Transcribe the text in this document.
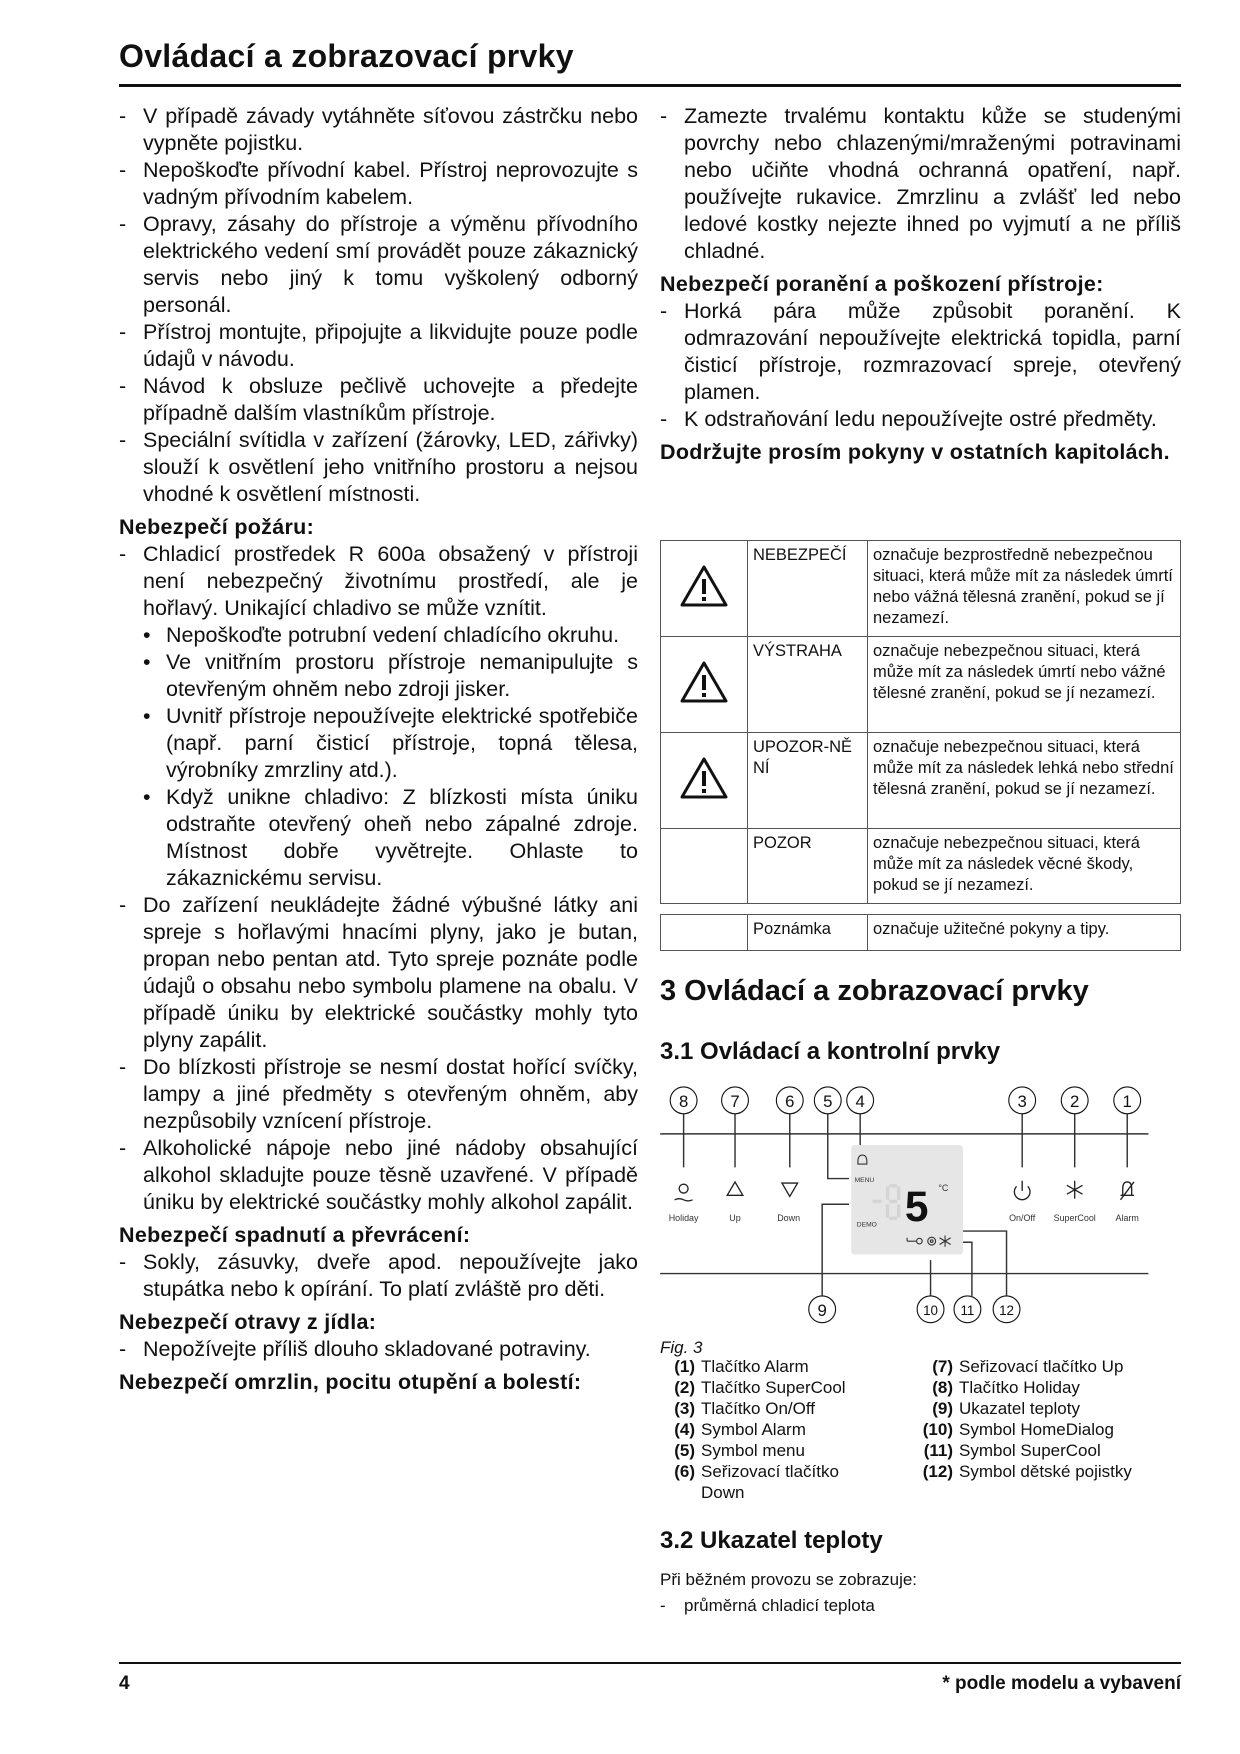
Ovládací a zobrazovací prvky
- V případě závady vytáhněte síťovou zástrčku nebo vypněte pojistku.
- Nepoškoďte přívodní kabel. Přístroj neprovozujte s vadným přívodním kabelem.
- Opravy, zásahy do přístroje a výměnu přívodního elektrického vedení smí provádět pouze zákaznický servis nebo jiný k tomu vyškolený odborný personál.
- Přístroj montujte, připojujte a likvidujte pouze podle údajů v návodu.
- Návod k obsluze pečlivě uchovejte a předejte případně dalším vlastníkům přístroje.
- Speciální svítidla v zařízení (žárovky, LED, zářivky) slouží k osvětlení jeho vnitřního prostoru a nejsou vhodné k osvětlení místnosti.
Nebezpečí požáru:
- Chladicí prostředek R 600a obsažený v přístroji není nebezpečný životnímu prostředí, ale je hořlavý. Unikající chladivo se může vznítit.
• Nepoškoďte potrubní vedení chladícího okruhu.
• Ve vnitřním prostoru přístroje nemanipulujte s otevřeným ohněm nebo zdroji jisker.
• Uvnitř přístroje nepoužívejte elektrické spotřebiče (např. parní čisticí přístroje, topná tělesa, výrobníky zmrzliny atd.).
• Když unikne chladivo: Z blízkosti místa úniku odstraňte otevřený oheň nebo zápalné zdroje. Místnost dobře vyvětrejte. Ohlaste to zákaznickému servisu.
- Do zařízení neukládejte žádné výbušné látky ani spreje s hořlavými hnacími plyny, jako je butan, propan nebo pentan atd. Tyto spreje poznáte podle údajů o obsahu nebo symbolu plamene na obalu. V případě úniku by elektrické součástky mohly tyto plyny zapálit.
- Do blízkosti přístroje se nesmí dostat hořící svíčky, lampy a jiné předměty s otevřeným ohněm, aby nezpůsobily vznícení přístroje.
- Alkoholické nápoje nebo jiné nádoby obsahující alkohol skladujte pouze těsně uzavřené. V případě úniku by elektrické součástky mohly alkohol zapálit.
Nebezpečí spadnutí a převrácení:
- Sokly, zásuvky, dveře apod. nepoužívejte jako stupátka nebo k opírání. To platí zvláště pro děti.
Nebezpečí otravy z jídla:
- Nepožívejte příliš dlouho skladované potraviny.
Nebezpečí omrzlin, pocitu otupění a bolestí:
- Zamezte trvalému kontaktu kůže se studenými povrchy nebo chlazenými/mraženými potravinami nebo učiňte vhodná ochranná opatření, např. používejte rukavice. Zmrzlinu a zvlášť led nebo ledové kostky nejezte ihned po vyjmutí a ne příliš chladné.
Nebezpečí poranění a poškození přístroje:
- Horká pára může způsobit poranění. K odmrazování nepoužívejte elektrická topidla, parní čisticí přístroje, rozmrazovací spreje, otevřený plamen.
- K odstraňování ledu nepoužívejte ostré předměty.
Dodržujte prosím pokyny v ostatních kapitolách.
	NEBEZPEČÍ	označuje bezprostředně nebezpečnou situaci, která může mít za následek úmrtí nebo vážná tělesná zranění, pokud se jí nezamezí.
	VÝSTRAHA	označuje nebezpečnou situaci, která může mít za následek úmrtí nebo vážné tělesné zranění, pokud se jí nezamezí.
	UPOZOR-NĚNÍ	označuje nebezpečnou situaci, která může mít za následek lehká nebo střední tělesná zranění, pokud se jí nezamezí.
	POZOR	označuje nebezpečnou situaci, která může mít za následek věcné škody, pokud se jí nezamezí.
	Poznámka	označuje užitečné pokyny a tipy.
3 Ovládací a zobrazovací prvky
3.1 Ovládací a kontrolní prvky
MENU
DEMO 5 °C
Holiday	Up	Down	On/Off SuperCool Alarm
8	7	6 5 4	3	2	1
9	10 11 12
Fig. 3
(1) Tlačítko Alarm
(2) Tlačítko SuperCool
(3) Tlačítko On/Off
(4) Symbol Alarm
(5) Symbol menu
(6) Seřizovací tlačítko Down
(7) Seřizovací tlačítko Up
(8) Tlačítko Holiday
(9) Ukazatel teploty
(10) Symbol HomeDialog
(11) Symbol SuperCool
(12) Symbol dětské pojistky
3.2 Ukazatel teploty
Při běžném provozu se zobrazuje:
- průměrná chladicí teplota
4	* podle modelu a vybavení
